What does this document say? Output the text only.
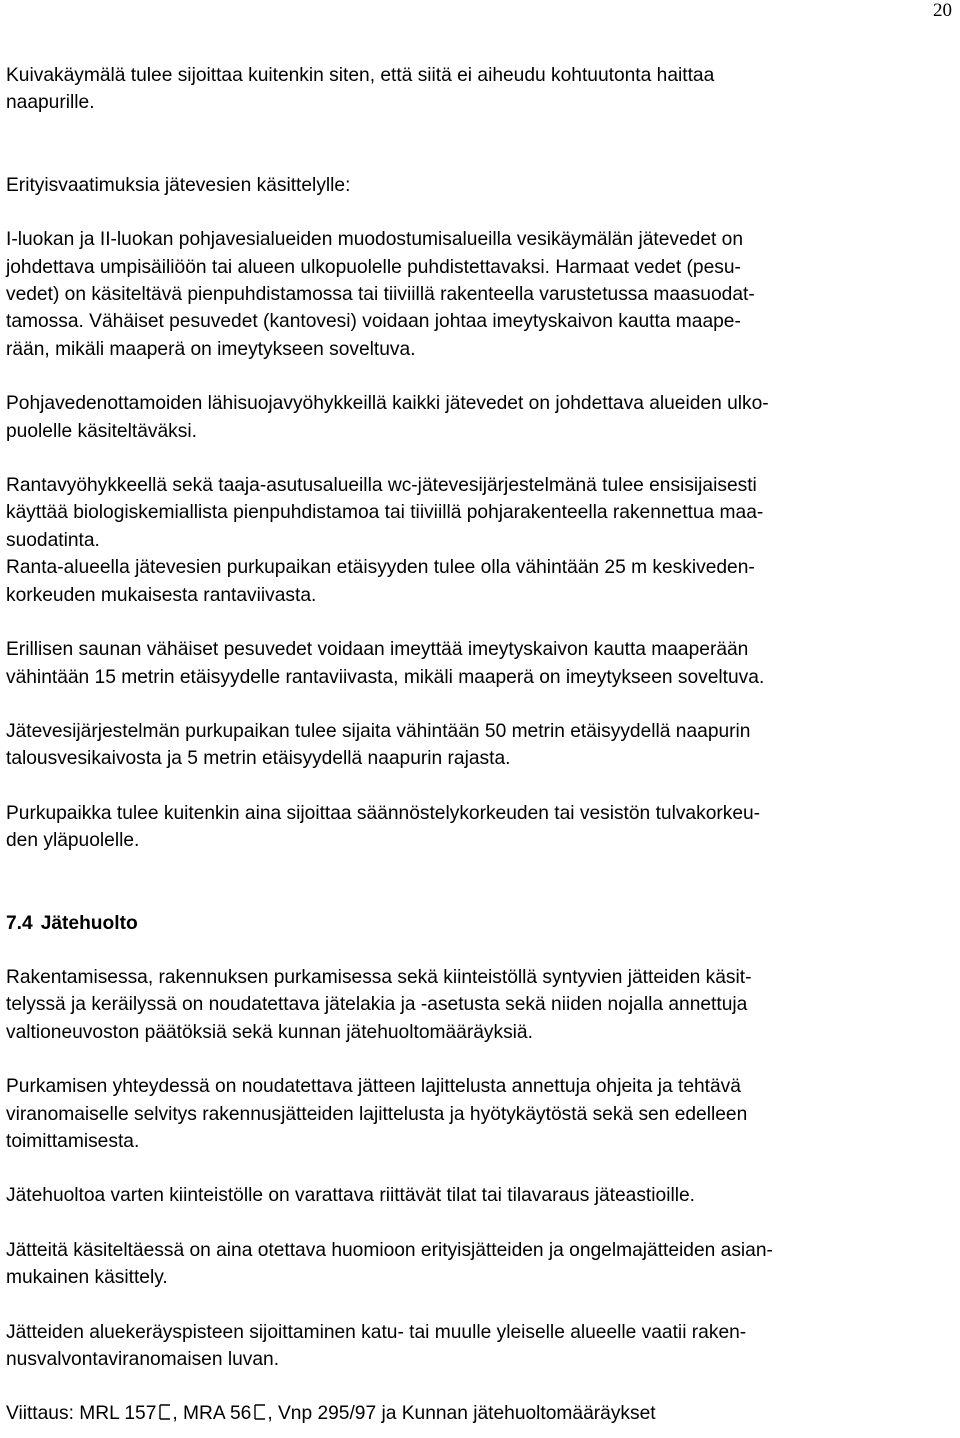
20

Kuivakäymälä tulee sijoittaa kuitenkin siten, että siitä ei aiheudu kohtuutonta haittaa
naapurille.

Erityisvaatimuksia jätevesien käsittelylle:

I-luokan ja II-luokan pohjavesialueiden muodostumisalueilla vesikäymälän jätevedet on
johdettava umpisäiliöön tai alueen ulkopuolelle puhdistettavaksi. Harmaat vedet (pesu-
vedet) on käsiteltävä pienpuhdistamossa tai tiiviillä rakenteella varustetussa maasuodat-
tamossa. Vähäiset pesuvedet (kantovesi) voidaan johtaa imeytyskaivon kautta maape-
rään, mikäli maaperä on imeytykseen soveltuva.

Pohjavedenottamoiden lähisuojavyöhykkeillä kaikki jätevedet on johdettava alueiden ulko-
puolelle käsiteltäväksi.

Rantavyöhykkeellä sekä taaja-asutusalueilla wc-jätevesijärjestelmänä tulee ensisijaisesti
käyttää biologiskemiallista pienpuhdistamoa tai tiiviillä pohjarakenteella rakennettua maa-
suodatinta.

Ranta-alueella jätevesien purkupaikan etäisyyden tulee olla vähintään 25 m keskiveden-
korkeuden mukaisesta rantaviivasta.

Erillisen saunan vähäiset pesuvedet voidaan imeyttää imeytyskaivon kautta maaperään
vähintään 15 metrin etäisyydelle rantaviivasta, mikäli maaperä on imeytykseen soveltuva.

Jätevesijärjestelmän purkupaikan tulee sijaita vähintään 50 metrin etäisyydellä naapurin
talousvesikaivosta ja 5 metrin etäisyydellä naapurin rajasta.

Purkupaikka tulee kuitenkin aina sijoittaa säännöstelykorkeuden tai vesistön tulvakorkeu-
den yläpuolelle.

7.4 Jätehuolto

Rakentamisessa, rakennuksen purkamisessa sekä kiinteistöllä syntyvien jätteiden käsit-
telyssä ja keräilyssä on noudatettava jätelakia ja -asetusta sekä niiden nojalla annettuja
valtioneuvoston päätöksiä sekä kunnan jätehuoltomääräyksiä.

Purkamisen yhteydessä on noudatettava jätteen lajittelusta annettuja ohjeita ja tehtävä
viranomaiselle selvitys rakennusjätteiden lajittelusta ja hyötykäytöstä sekä sen edelleen
toimittamisesta.

Jätehuoltoa varten kiinteistölle on varattava riittävät tilat tai tilavaraus jäteastioille.

Jätteitä käsiteltäessä on aina otettava huomioon erityisjätteiden ja ongelmajätteiden asian-
mukainen käsittely.

Jätteiden aluekeräyspisteen sijoittaminen katu- tai muulle yleiselle alueelle vaatii raken-
nusvalvontaviranomaisen luvan.

Viittaus: MRL 157 , MRA 56 , Vnp 295/97 ja Kunnan jätehuoltomääräykset
